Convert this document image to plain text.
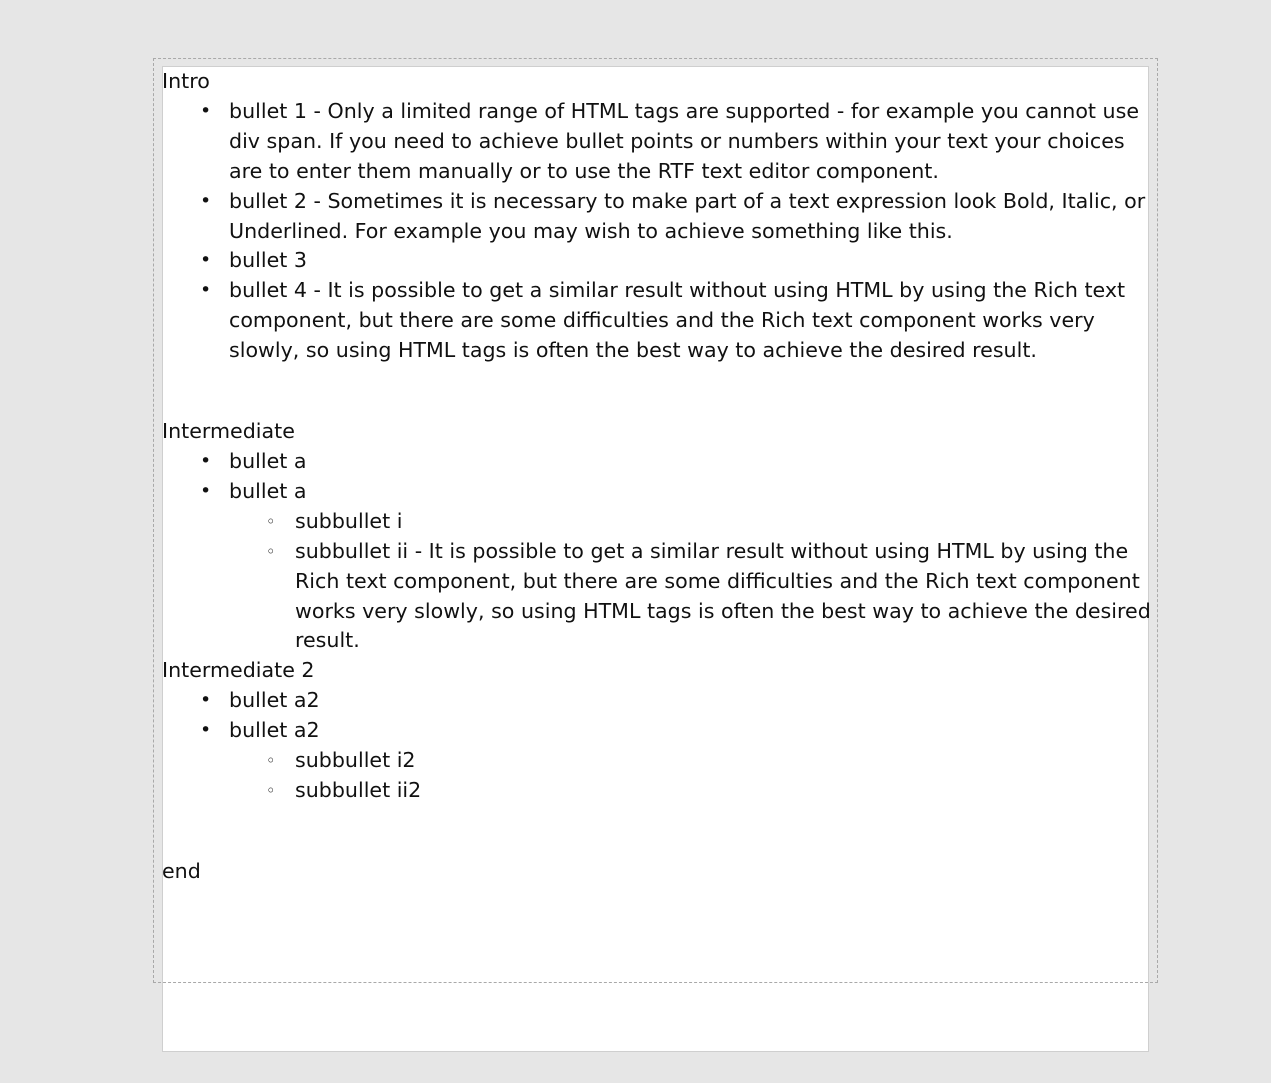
Intro

• bullet 1 - Only a limited range of HTML tags are supported - for example you cannot use div span. If you need to achieve bullet points or numbers within your text your choices are to enter them manually or to use the RTF text editor component.
• bullet 2 - Sometimes it is necessary to make part of a text expression look Bold, Italic, or Underlined. For example you may wish to achieve something like this.
• bullet 3
• bullet 4 - It is possible to get a similar result without using HTML by using the Rich text component, but there are some difficulties and the Rich text component works very slowly, so using HTML tags is often the best way to achieve the desired result.

Intermediate

• bullet a
• bullet a
◦ subbullet i
◦ subbullet ii - It is possible to get a similar result without using HTML by using the Rich text component, but there are some difficulties and the Rich text component works very slowly, so using HTML tags is often the best way to achieve the desired result.

Intermediate 2

• bullet a2
• bullet a2
◦ subbullet i2
◦ subbullet ii2

end
